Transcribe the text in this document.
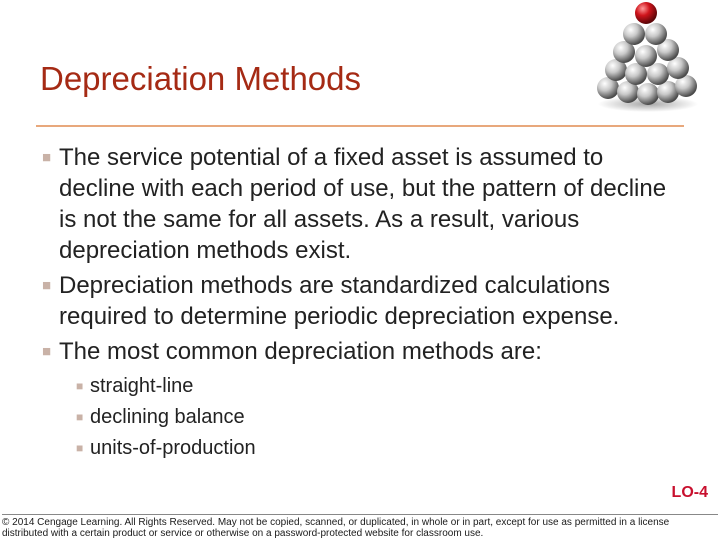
Depreciation Methods
■ The service potential of a fixed asset is assumed to decline with each period of use, but the pattern of decline is not the same for all assets. As a result, various depreciation methods exist.
■ Depreciation methods are standardized calculations required to determine periodic depreciation expense.
■ The most common depreciation methods are:
■ straight-line
■ declining balance
■ units-of-production
LO-4
© 2014 Cengage Learning. All Rights Reserved. May not be copied, scanned, or duplicated, in whole or in part, except for use as permitted in a license distributed with a certain product or service or otherwise on a password-protected website for classroom use.
